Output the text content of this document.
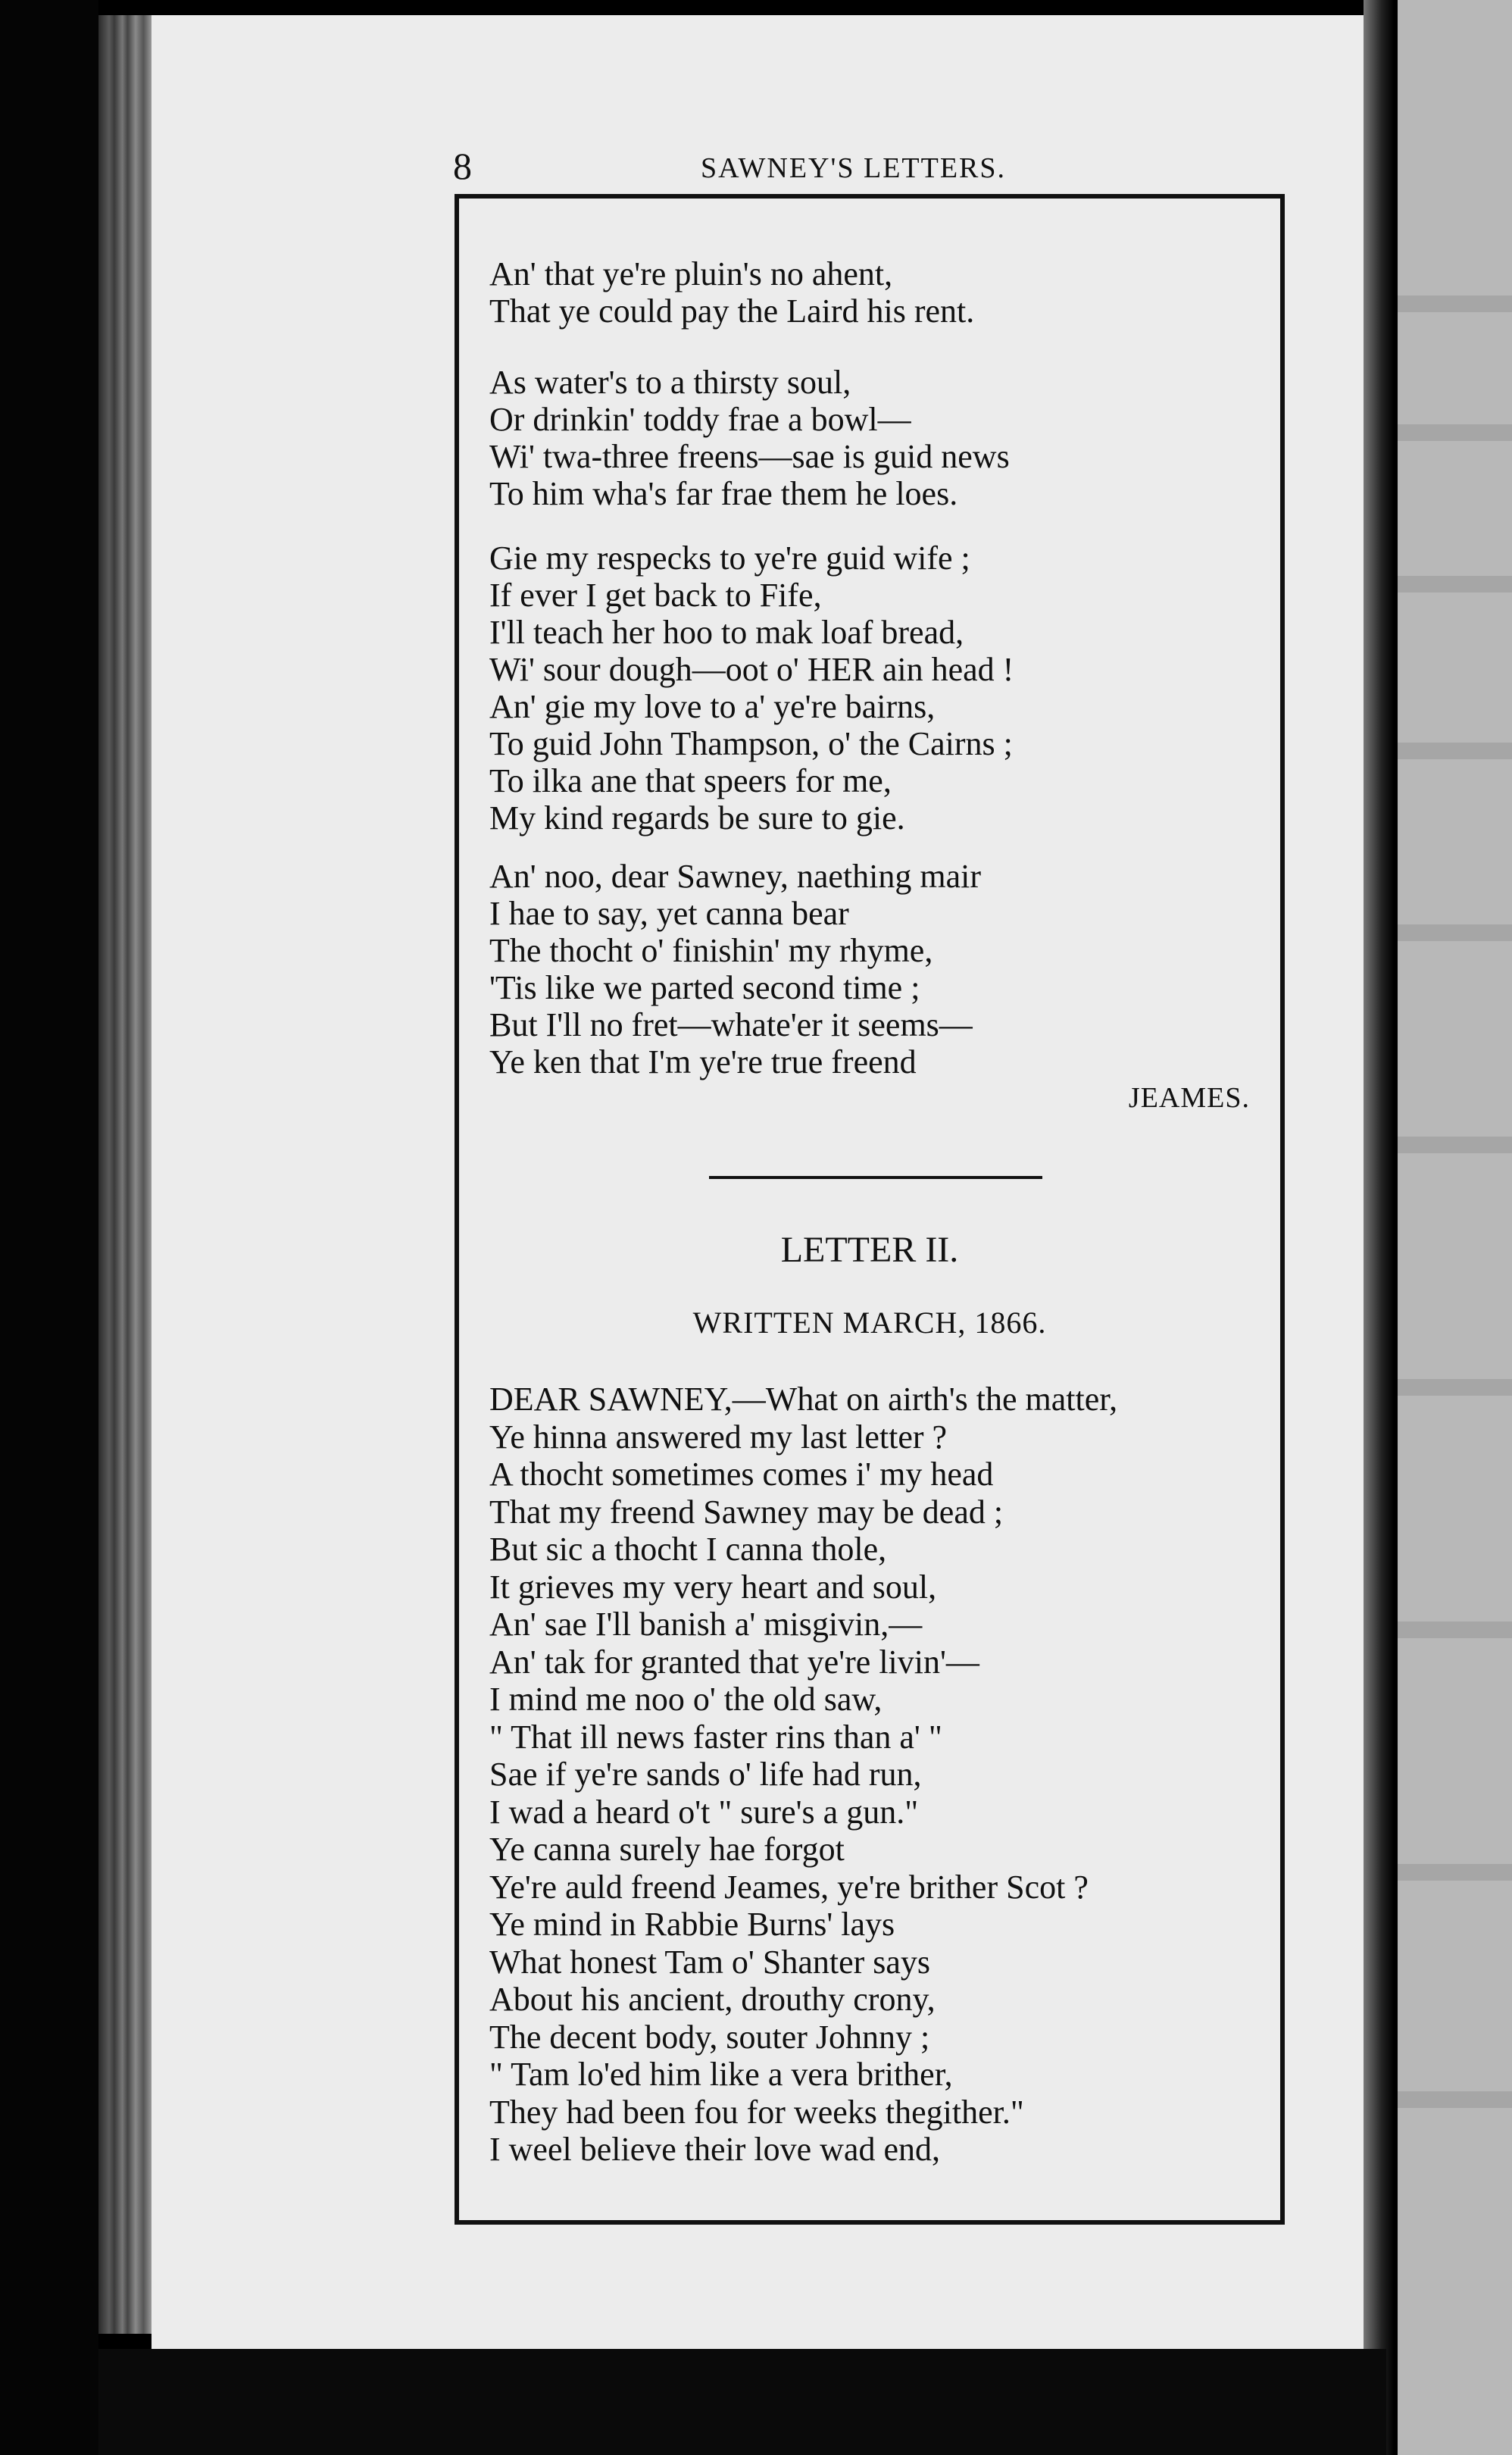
8	SAWNEY'S LETTERS.
An' that ye're pluin's no ahent,
That ye could pay the Laird his rent.
As water's to a thirsty soul,
Or drinkin' toddy frae a bowl—
Wi' twa-three freens—sae is guid news
To him wha's far frae them he loes.
Gie my respecks to ye're guid wife ;
If ever I get back to Fife,
I'll teach her hoo to mak loaf bread,
Wi' sour dough—oot o' HER ain head !
An' gie my love to a' ye're bairns,
To guid John Thampson, o' the Cairns ;
To ilka ane that speers for me,
My kind regards be sure to gie.
An' noo, dear Sawney, naething mair
I hae to say, yet canna bear
The thocht o' finishin' my rhyme,
'Tis like we parted second time ;
But I'll no fret—whate'er it seems—
Ye ken that I'm ye're true freend
JEAMES.
LETTER II.
WRITTEN MARCH, 1866.
DEAR SAWNEY,—What on airth's the matter,
Ye hinna answered my last letter ?
A thocht sometimes comes i' my head
That my freend Sawney may be dead ;
But sic a thocht I canna thole,
It grieves my very heart and soul,
An' sae I'll banish a' misgivin,—
An' tak for granted that ye're livin'—
I mind me noo o' the old saw,
" That ill news faster rins than a' "
Sae if ye're sands o' life had run,
I wad a heard o't " sure's a gun."
Ye canna surely hae forgot
Ye're auld freend Jeames, ye're brither Scot ?
Ye mind in Rabbie Burns' lays
What honest Tam o' Shanter says
About his ancient, drouthy crony,
The decent body, souter Johnny ;
" Tam lo'ed him like a vera brither,
They had been fou for weeks thegither."
I weel believe their love wad end,
